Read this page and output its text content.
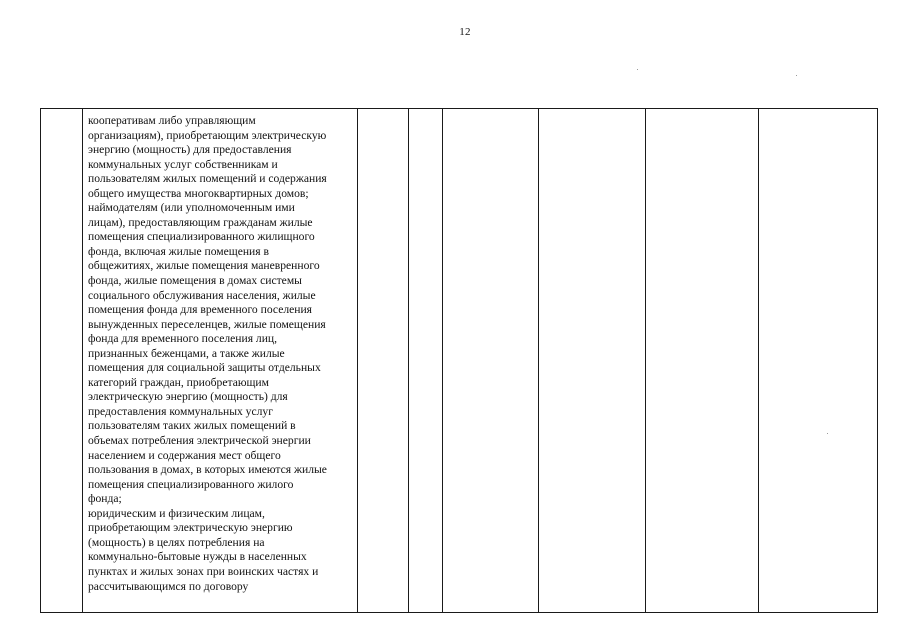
12

кооперативам либо управляющим
организациям), приобретающим электрическую
энергию (мощность) для предоставления
коммунальных услуг собственникам и
пользователям жилых помещений и содержания
общего имущества многоквартирных домов;
наймодателям (или уполномоченным ими
лицам), предоставляющим гражданам жилые
помещения специализированного жилищного
фонда, включая жилые помещения в
общежитиях, жилые помещения маневренного
фонда, жилые помещения в домах системы
социального обслуживания населения, жилые
помещения фонда для временного поселения
вынужденных переселенцев, жилые помещения
фонда для временного поселения лиц,
признанных беженцами, а также жилые
помещения для социальной защиты отдельных
категорий граждан, приобретающим
электрическую энергию (мощность) для
предоставления коммунальных услуг
пользователям таких жилых помещений в
объемах потребления электрической энергии
населением и содержания мест общего
пользования в домах, в которых имеются жилые
помещения специализированного жилого
фонда;
юридическим и физическим лицам,
приобретающим электрическую энергию
(мощность) в целях потребления на
коммунально-бытовые нужды в населенных
пунктах и жилых зонах при воинских частях и
рассчитывающимся по договору
